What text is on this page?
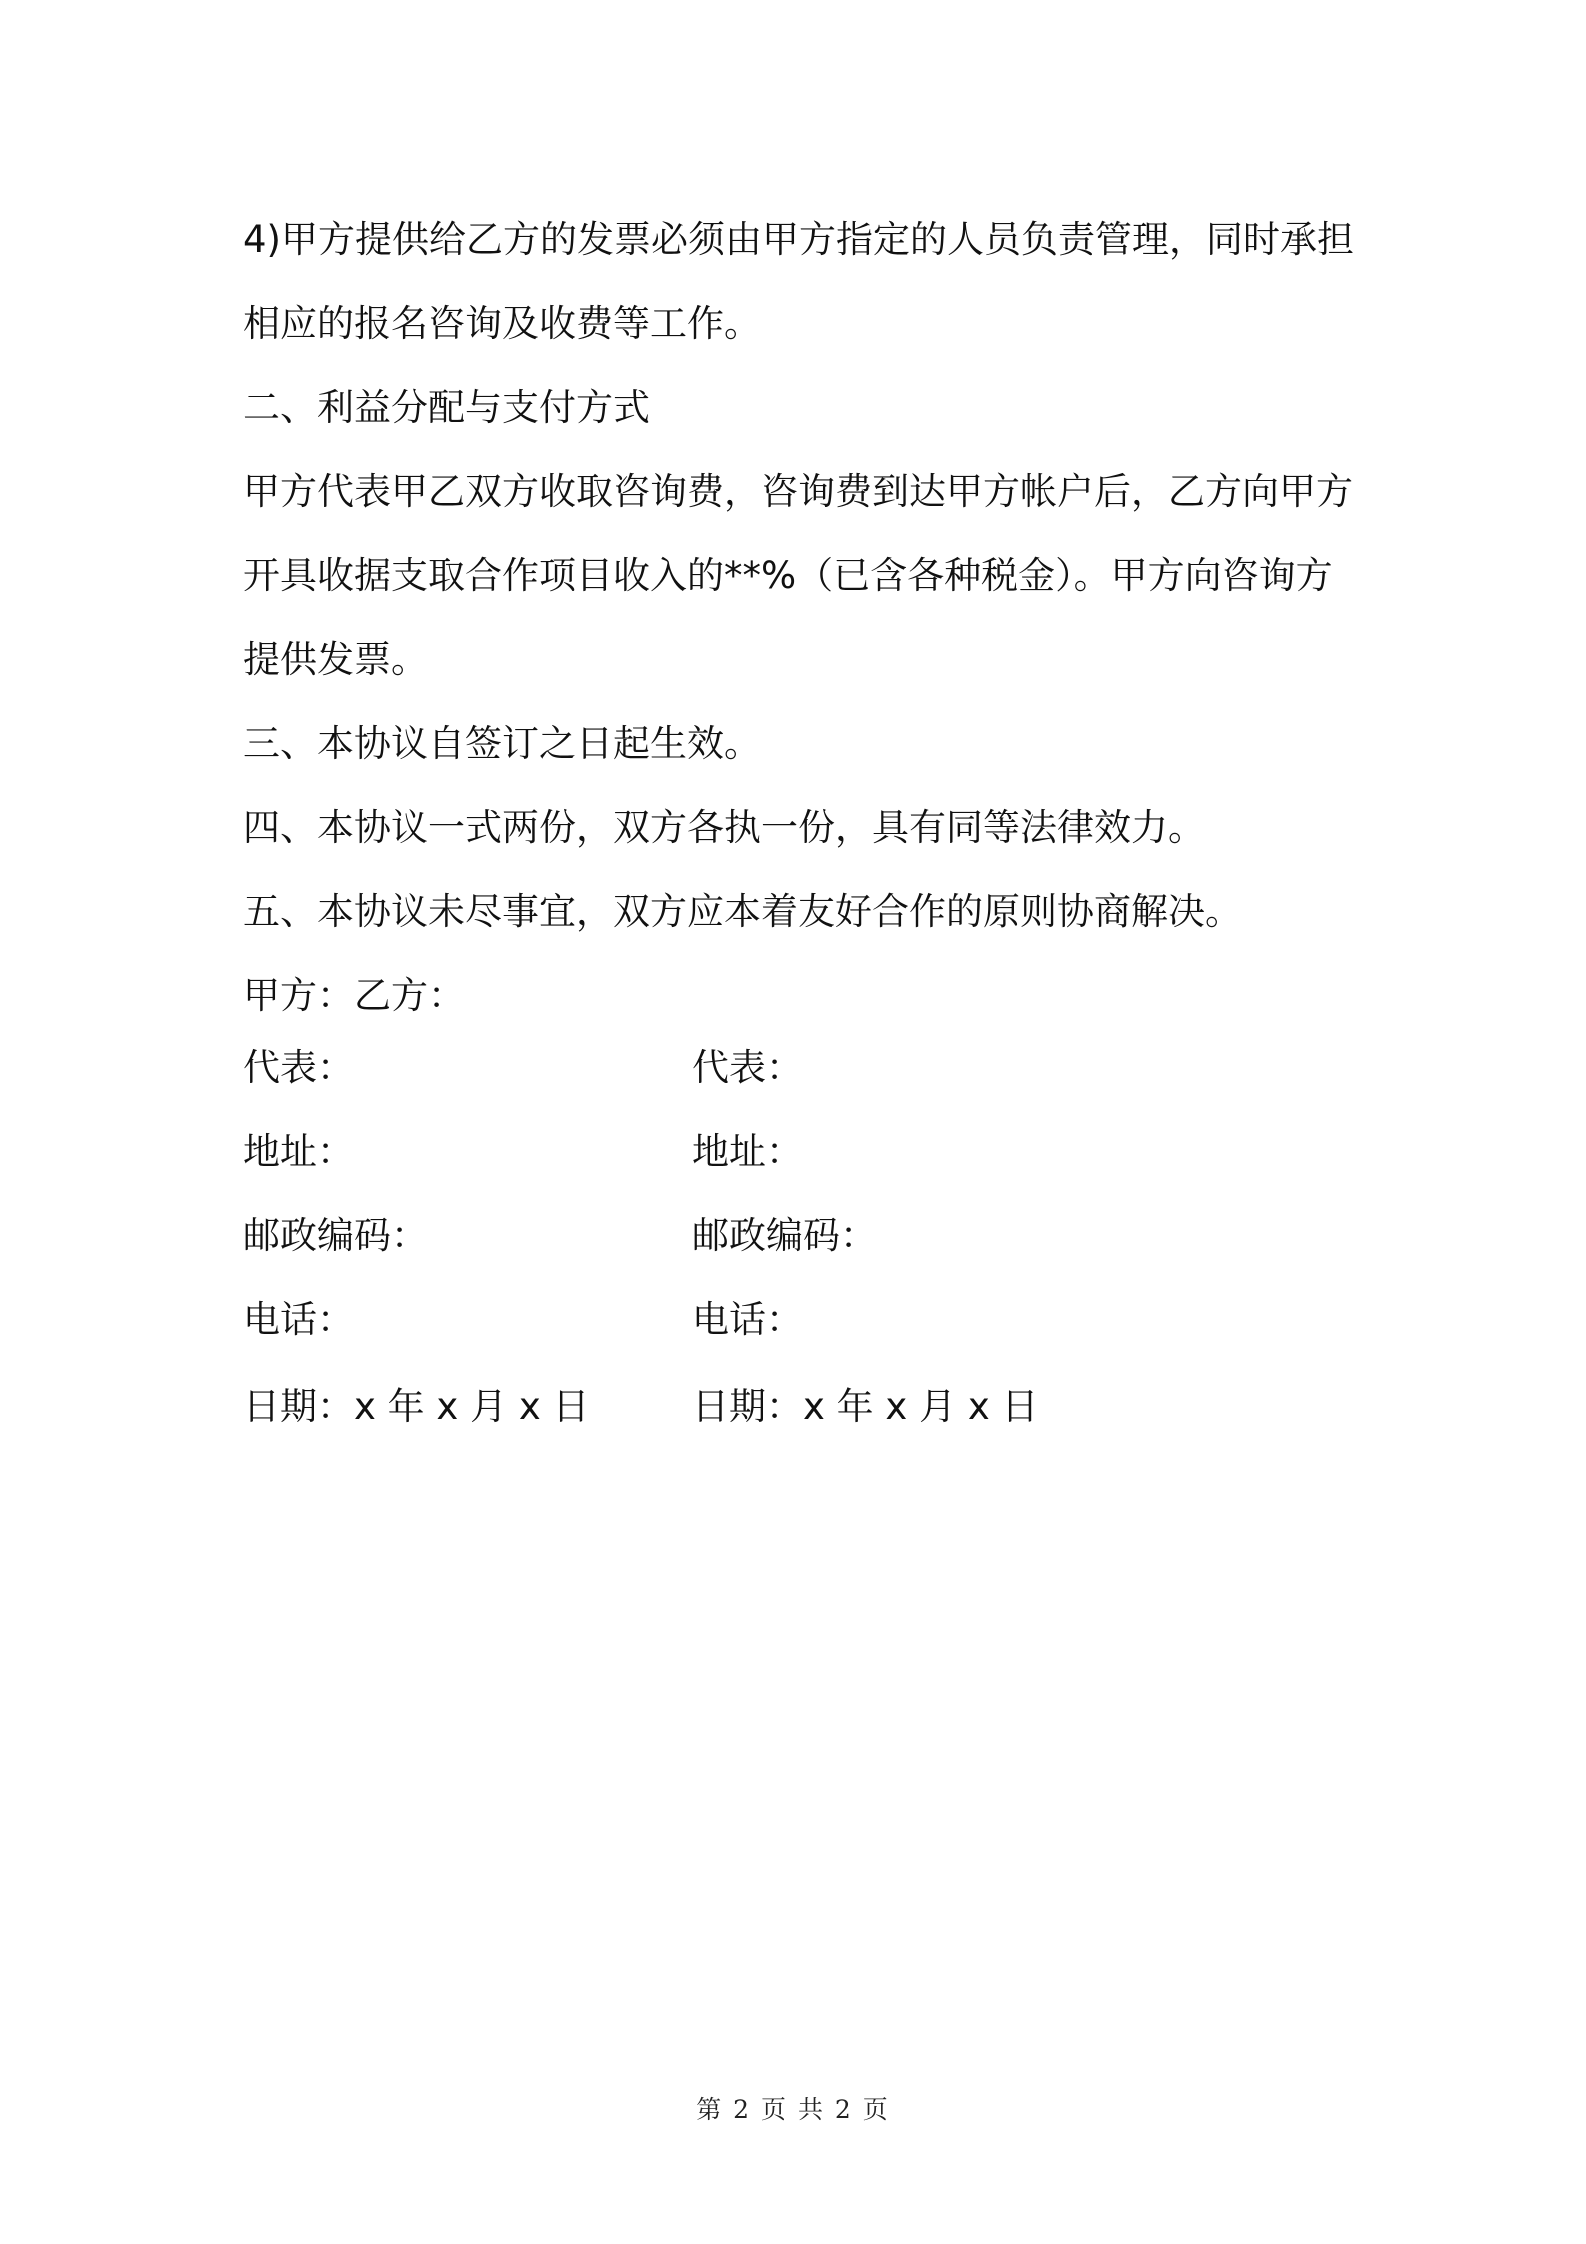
4)甲方提供给乙方的发票必须由甲方指定的人员负责管理，同时承担

相应的报名咨询及收费等工作。

二、利益分配与支付方式

甲方代表甲乙双方收取咨询费，咨询费到达甲方帐户后，乙方向甲方

开具收据支取合作项目收入的**%（已含各种税金）。甲方向咨询方

提供发票。

三、本协议自签订之日起生效。

四、本协议一式两份，双方各执一份，具有同等法律效力。

五、本协议未尽事宜，双方应本着友好合作的原则协商解决。

甲方：乙方：

代表：	代表：
地址：	地址：
邮政编码：	邮政编码：
电话：	电话：
日期：x 年 x 月 x 日	日期：x 年 x 月 x 日
第 2 页 共 2 页
